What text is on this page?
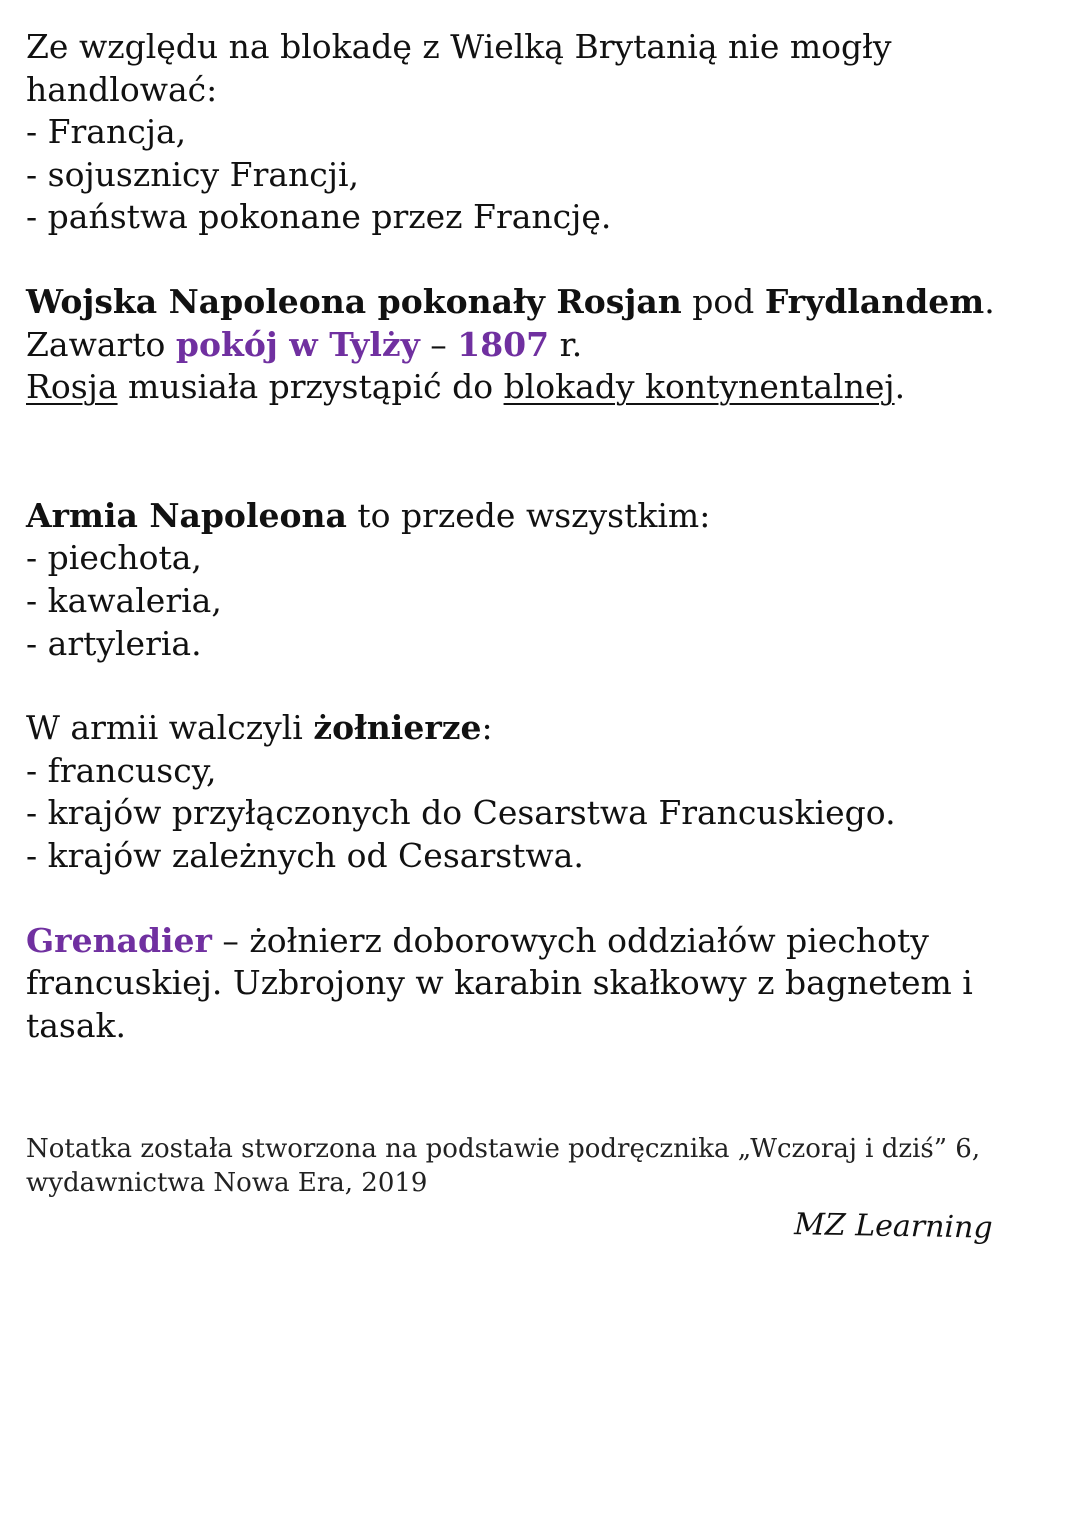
Ze względu na blokadę z Wielką Brytanią nie mogły
handlować:
- Francja,
- sojusznicy Francji,
- państwa pokonane przez Francję.
Wojska Napoleona pokonały Rosjan pod Frydlandem.
Zawarto pokój w Tylży – 1807 r.
Rosja musiała przystąpić do blokady kontynentalnej.
Armia Napoleona to przede wszystkim:
- piechota,
- kawaleria,
- artyleria.
W armii walczyli żołnierze:
- francuscy,
- krajów przyłączonych do Cesarstwa Francuskiego.
- krajów zależnych od Cesarstwa.
Grenadier – żołnierz doborowych oddziałów piechoty
francuskiej. Uzbrojony w karabin skałkowy z bagnetem i
tasak.
Notatka została stworzona na podstawie podręcznika „Wczoraj i dziś” 6,
wydawnictwa Nowa Era, 2019
MZ Learning
